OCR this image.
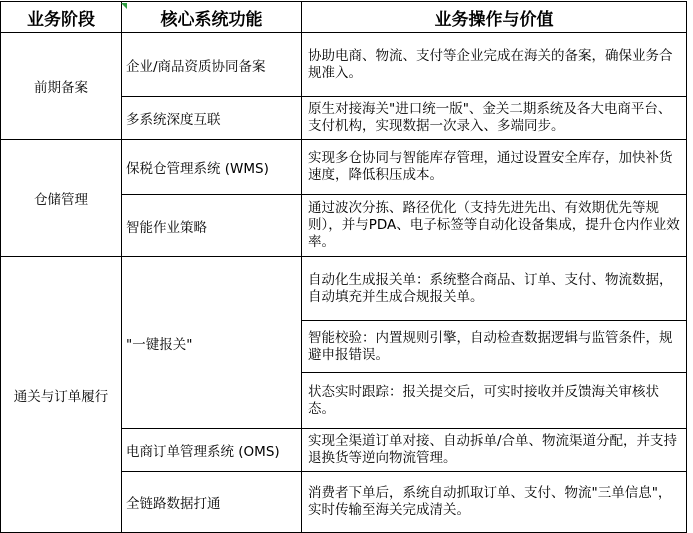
业务阶段	核心系统功能	业务操作与价值
前期备案	企业/商品资质协同备案	协助电商、物流、支付等企业完成在海关的备案，确保业务合规准入。
	多系统深度互联	原生对接海关"进口统一版"、金关二期系统及各大电商平台、支付机构，实现数据一次录入、多端同步。
仓储管理	保税仓管理系统 (WMS)	实现多仓协同与智能库存管理，通过设置安全库存，加快补货速度，降低积压成本。
	智能作业策略	通过波次分拣、路径优化（支持先进先出、有效期优先等规则），并与PDA、电子标签等自动化设备集成，提升仓内作业效率。
通关与订单履行	"一键报关"	自动化生成报关单：系统整合商品、订单、支付、物流数据，自动填充并生成合规报关单。
		智能校验：内置规则引擎，自动检查数据逻辑与监管条件，规避申报错误。
		状态实时跟踪：报关提交后，可实时接收并反馈海关审核状态。
	电商订单管理系统 (OMS)	实现全渠道订单对接、自动拆单/合单、物流渠道分配，并支持退换货等逆向物流管理。
	全链路数据打通	消费者下单后，系统自动抓取订单、支付、物流"三单信息"，实时传输至海关完成清关。
